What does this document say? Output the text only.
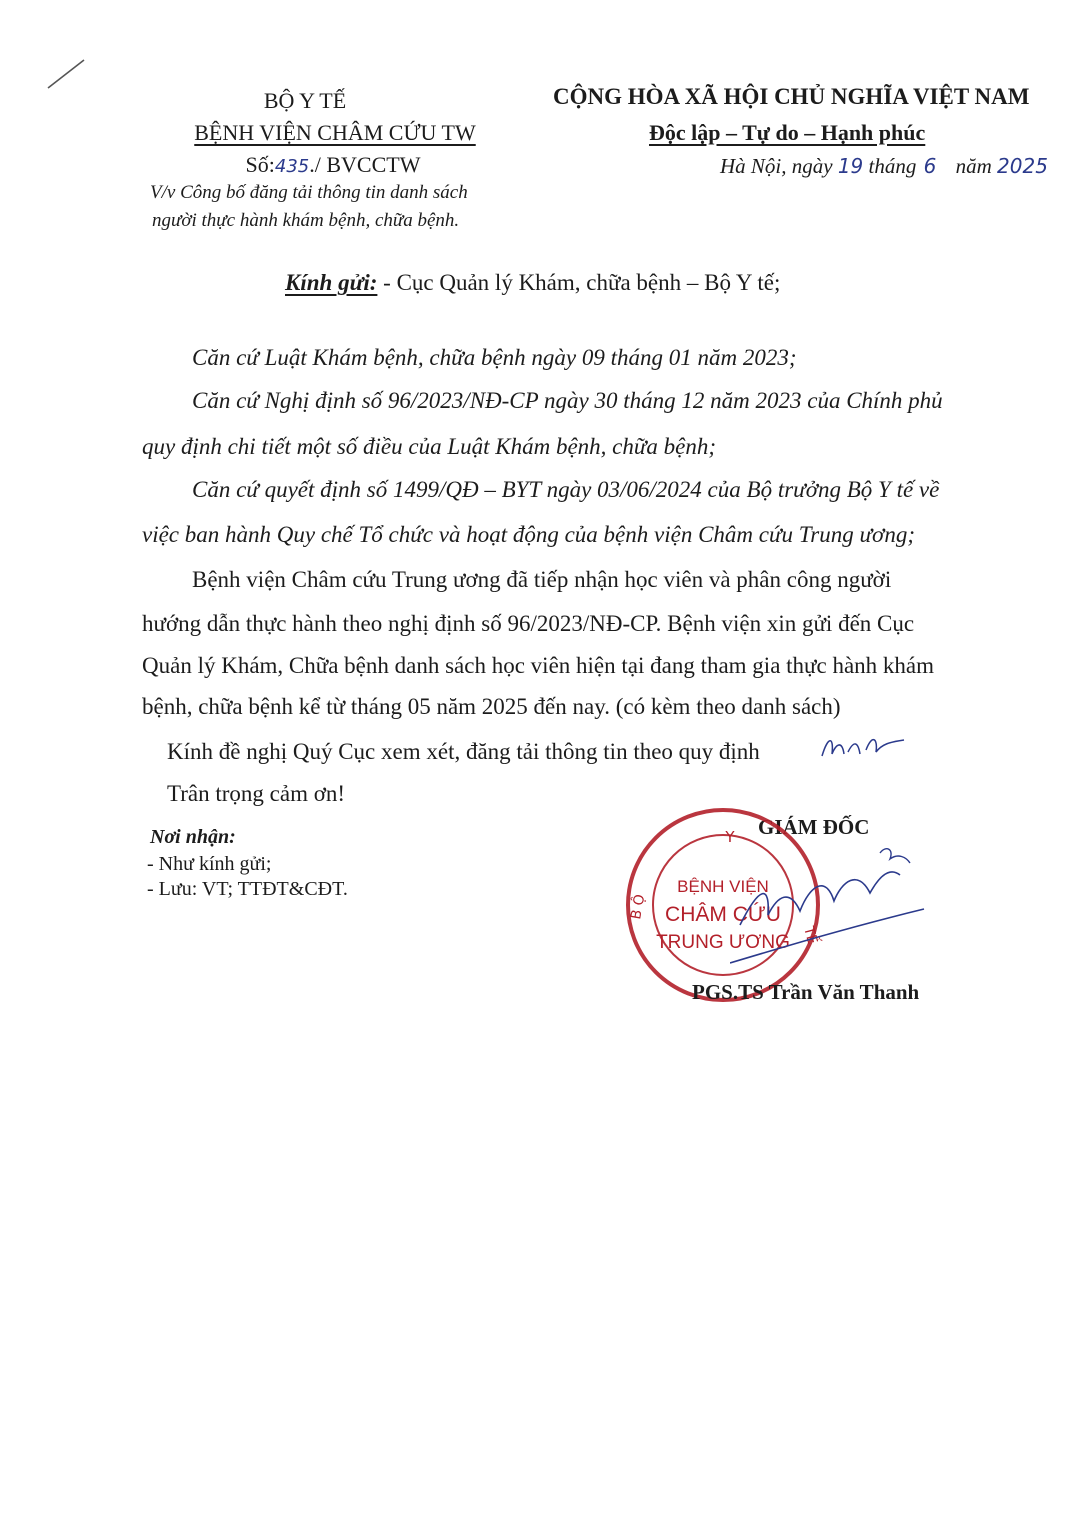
BỘ Y TẾ
BỆNH VIỆN CHÂM CỨU TW
Số:435./ BVCCTW
V/v Công bố đăng tải thông tin danh sách
người thực hành khám bệnh, chữa bệnh.
CỘNG HÒA XÃ HỘI CHỦ NGHĨA VIỆT NAM
Độc lập – Tự do – Hạnh phúc
Hà Nội, ngày 19 tháng 6 năm 2025
Kính gửi: - Cục Quản lý Khám, chữa bệnh – Bộ Y tế;
Căn cứ Luật Khám bệnh, chữa bệnh ngày 09 tháng 01 năm 2023;
Căn cứ Nghị định số 96/2023/NĐ-CP ngày 30 tháng 12 năm 2023 của Chính phủ
quy định chi tiết một số điều của Luật Khám bệnh, chữa bệnh;
Căn cứ quyết định số 1499/QĐ – BYT ngày 03/06/2024 của Bộ trưởng Bộ Y tế về
việc ban hành Quy chế Tổ chức và hoạt động của bệnh viện Châm cứu Trung ương;
Bệnh viện Châm cứu Trung ương đã tiếp nhận học viên và phân công người
hướng dẫn thực hành theo nghị định số 96/2023/NĐ-CP. Bệnh viện xin gửi đến Cục
Quản lý Khám, Chữa bệnh danh sách học viên hiện tại đang tham gia thực hành khám
bệnh, chữa bệnh kể từ tháng 05 năm 2025 đến nay. (có kèm theo danh sách)
Kính đề nghị Quý Cục xem xét, đăng tải thông tin theo quy định
Trân trọng cảm ơn!
Nơi nhận:
- Như kính gửi;
- Lưu: VT; TTĐT&CĐT.
GIÁM ĐỐC
Y
B Ộ
TẾ
BỆNH VIỆN
CHÂM CỨU
TRUNG ƯƠNG
PGS.TS Trần Văn Thanh
